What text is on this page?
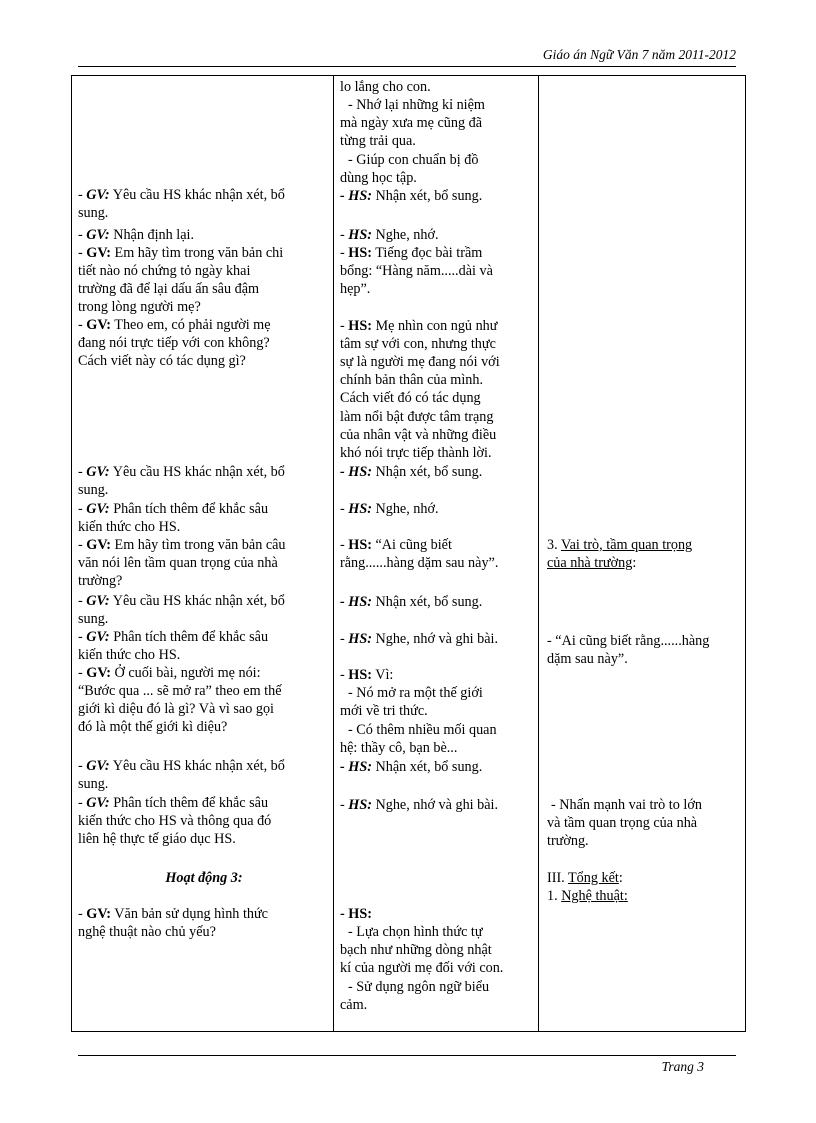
Giáo án Ngữ Văn 7 năm 2011-2012
- GV: Yêu cầu HS khác nhận xét, bổ
sung.
- GV: Nhận định lại.
- GV: Em hãy tìm trong văn bản chi
tiết nào nó chứng tỏ ngày khai
trường đã để lại dấu ấn sâu đậm
trong lòng người mẹ?
- GV: Theo em, có phải người mẹ
đang nói trực tiếp với con không?
Cách viết này có tác dụng gì?
- GV: Yêu cầu HS khác nhận xét, bổ
sung.
- GV: Phân tích thêm để khắc sâu
kiến thức cho HS.
- GV: Em hãy tìm trong văn bản câu
văn nói lên tầm quan trọng của nhà
trường?
- GV: Yêu cầu HS khác nhận xét, bổ
sung.
- GV: Phân tích thêm để khắc sâu
kiến thức cho HS.
- GV: Ở cuối bài, người mẹ nói:
“Bước qua ... sẽ mở ra” theo em thế
giới kì diệu đó là gì? Và vì sao gọi
đó là một thế giới kì diệu?
- GV: Yêu cầu HS khác nhận xét, bổ
sung.
- GV: Phân tích thêm để khắc sâu
kiến thức cho HS và thông qua đó
liên hệ thực tế giáo dục HS.
Hoạt động 3:
- GV: Văn bản sử dụng hình thức
nghệ thuật nào chủ yếu?
lo lắng cho con.
- Nhớ lại những kỉ niệm
mà ngày xưa mẹ cũng đã
từng trải qua.
- Giúp con chuẩn bị đồ
dùng học tập.
- HS: Nhận xét, bổ sung.
- HS: Nghe, nhớ.
- HS: Tiếng đọc bài trầm
bổng: “Hàng năm.....dài và
hẹp”.
- HS: Mẹ nhìn con ngủ như
tâm sự với con, nhưng thực
sự là người mẹ đang nói với
chính bản thân của mình.
Cách viết đó có tác dụng
làm nổi bật được tâm trạng
của nhân vật và những điều
khó nói trực tiếp thành lời.
- HS: Nhận xét, bổ sung.
- HS: Nghe, nhớ.
- HS: “Ai cũng biết
rằng......hàng dặm sau này”.
- HS: Nhận xét, bổ sung.
- HS: Nghe, nhớ và ghi bài.
- HS: Vì:
- Nó mở ra một thế giới
mới về tri thức.
- Có thêm nhiều mối quan
hệ: thầy cô, bạn bè...
- HS: Nhận xét, bổ sung.
- HS: Nghe, nhớ và ghi bài.
- HS:
- Lựa chọn hình thức tự
bạch như những dòng nhật
kí của người mẹ đối với con.
- Sử dụng ngôn ngữ biểu
cảm.
3. Vai trò, tầm quan trọng
của nhà trường:
- “Ai cũng biết rằng......hàng
dặm sau này”.
- Nhấn mạnh vai trò to lớn
và tầm quan trọng của nhà
trường.
III. Tổng kết:
1. Nghệ thuật:
Trang 3
